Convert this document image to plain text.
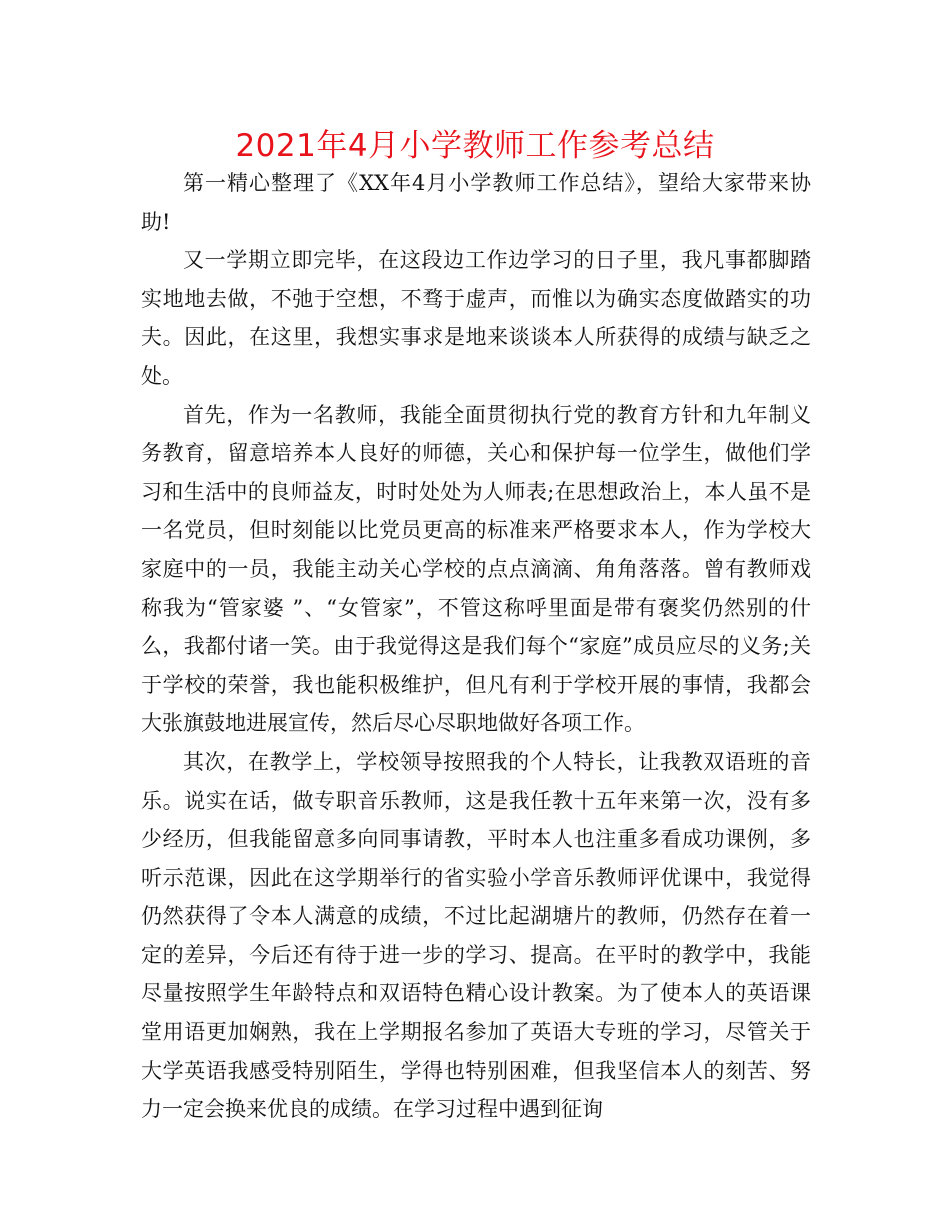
2021年4月小学教师工作参考总结

第一精心整理了《XX年4月小学教师工作总结》，望给大家带来协助!

又一学期立即完毕，在这段边工作边学习的日子里，我凡事都脚踏实地地去做，不弛于空想，不骛于虚声，而惟以为确实态度做踏实的功夫。因此，在这里，我想实事求是地来谈谈本人所获得的成绩与缺乏之处。

首先，作为一名教师，我能全面贯彻执行党的教育方针和九年制义务教育，留意培养本人良好的师德，关心和保护每一位学生，做他们学习和生活中的良师益友，时时处处为人师表;在思想政治上，本人虽不是一名党员，但时刻能以比党员更高的标准来严格要求本人，作为学校大家庭中的一员，我能主动关心学校的点点滴滴、角角落落。曾有教师戏称我为“管家婆 ”、“女管家”，不管这称呼里面是带有褒奖仍然别的什么，我都付诸一笑。由于我觉得这是我们每个“家庭”成员应尽的义务;关于学校的荣誉，我也能积极维护，但凡有利于学校开展的事情，我都会大张旗鼓地进展宣传，然后尽心尽职地做好各项工作。

其次，在教学上，学校领导按照我的个人特长，让我教双语班的音乐。说实在话，做专职音乐教师，这是我任教十五年来第一次，没有多少经历，但我能留意多向同事请教，平时本人也注重多看成功课例，多听示范课，因此在这学期举行的省实验小学音乐教师评优课中，我觉得仍然获得了令本人满意的成绩，不过比起湖塘片的教师，仍然存在着一定的差异，今后还有待于进一步的学习、提高。在平时的教学中，我能尽量按照学生年龄特点和双语特色精心设计教案。为了使本人的英语课堂用语更加娴熟，我在上学期报名参加了英语大专班的学习，尽管关于大学英语我感受特别陌生，学得也特别困难，但我坚信本人的刻苦、努力一定会换来优良的成绩。在学习过程中遇到征询
